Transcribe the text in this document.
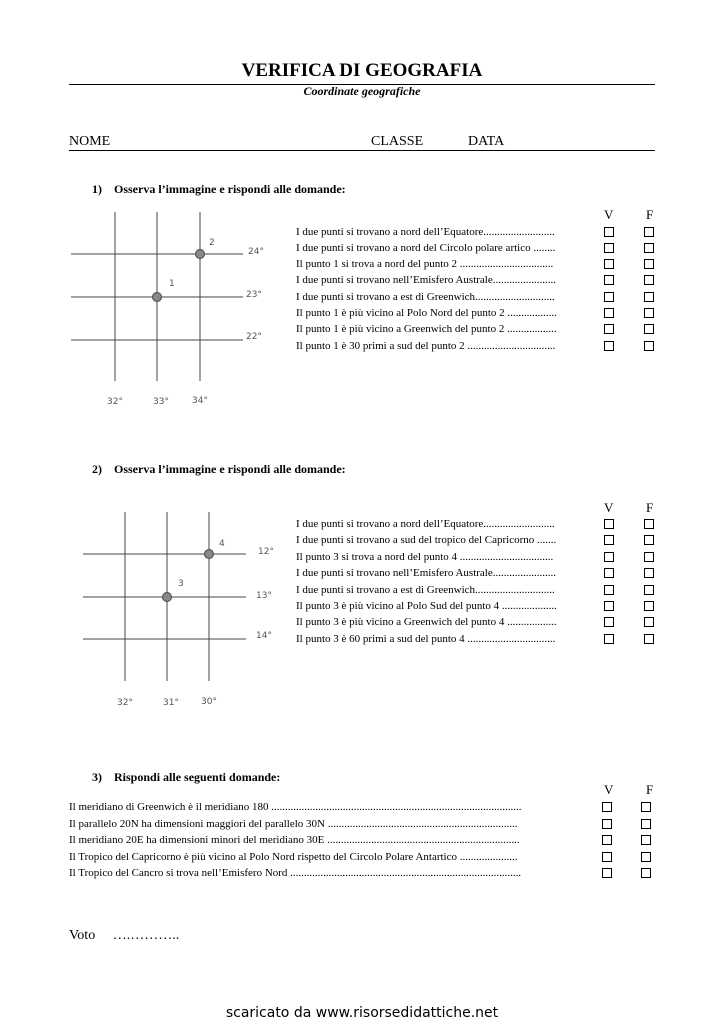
VERIFICA DI GEOGRAFIA
Coordinate geografiche
NOME	CLASSE	DATA
1) Osserva l’immagine e rispondi alle domande:
2
1
24°
23°
22°
32°	33°	34°
V	F
I due punti si trovano a nord dell’Equatore..........................
I due punti si trovano a nord del Circolo polare artico ........
Il punto 1 si trova a nord del punto 2 ..................................
I due punti si trovano nell’Emisfero Australe.......................
I due punti si trovano a est di Greenwich.............................
Il punto 1 è più vicino al Polo Nord del punto 2 ..................
Il punto 1 è più vicino a Greenwich del punto 2 ..................
Il punto 1 è 30 primi a sud del punto 2 ................................
2) Osserva l’immagine e rispondi alle domande:
4
3
12°
13°
14°
32°	31° 30°
V	F
I due punti si trovano a nord dell’Equatore..........................
I due punti si trovano a sud del tropico del Capricorno .......
Il punto 3 si trova a nord del punto 4 ..................................
I due punti si trovano nell’Emisfero Australe.......................
I due punti si trovano a est di Greenwich.............................
Il punto 3 è più vicino al Polo Sud del punto 4 ....................
Il punto 3 è più vicino a Greenwich del punto 4 ..................
Il punto 3 è 60 primi a sud del punto 4 ................................
3) Rispondi alle seguenti domande:
V	F
Il meridiano di Greenwich è il meridiano 180 ...........................................................................................
Il parallelo 20N ha dimensioni maggiori del parallelo 30N .....................................................................
Il meridiano 20E ha dimensioni minori del meridiano 30E ......................................................................
Il Tropico del Capricorno è più vicino al Polo Nord rispetto del Circolo Polare Antartico .....................
Il Tropico del Cancro si trova nell’Emisfero Nord ....................................................................................
Voto ….………..
scaricato da www.risorsedidattiche.net
